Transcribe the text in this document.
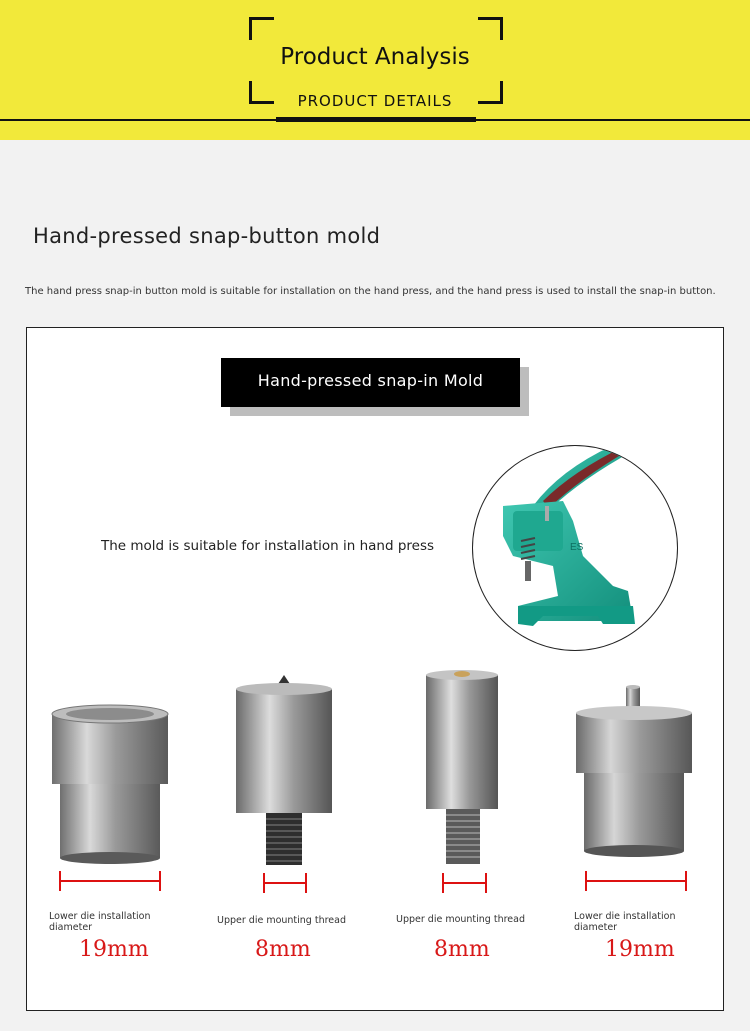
Product Analysis
PRODUCT DETAILS
Hand-pressed snap-button mold
The hand press snap-in button mold is suitable for installation on the hand press, and the hand press is used to install the snap-in button.
Hand-pressed snap-in Mold
The mold is suitable for installation in hand press	ES
Lower die installation diameter
Upper die mounting thread	Upper die mounting thread	Lower die installation diameter
19mm	8mm	8mm	19mm
